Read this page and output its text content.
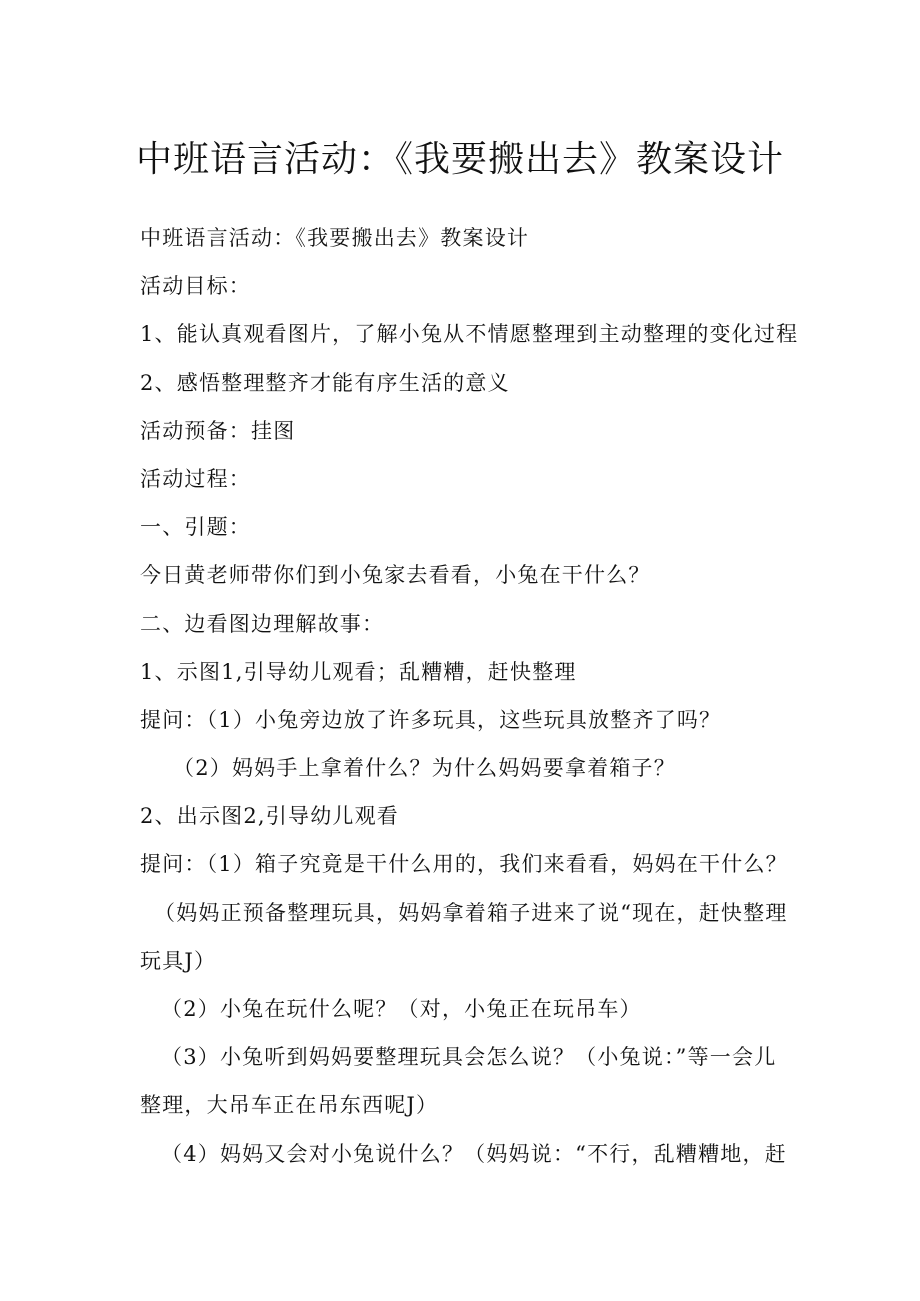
中班语言活动：《我要搬出去》教案设计
中班语言活动：《我要搬出去》教案设计
活动目标：
1、能认真观看图片，了解小兔从不情愿整理到主动整理的变化过程
2、感悟整理整齐才能有序生活的意义
活动预备：挂图
活动过程：
一、引题：
今日黄老师带你们到小兔家去看看，小兔在干什么？
二、边看图边理解故事：
1、示图1,引导幼儿观看；乱糟糟，赶快整理
提问：（1）小兔旁边放了许多玩具，这些玩具放整齐了吗？
（2）妈妈手上拿着什么？为什么妈妈要拿着箱子？
2、出示图2,引导幼儿观看
提问：（1）箱子究竟是干什么用的，我们来看看，妈妈在干什么？
（妈妈正预备整理玩具，妈妈拿着箱子进来了说“现在，赶快整理
玩具J）
（2）小兔在玩什么呢？（对，小兔正在玩吊车）
（3）小兔听到妈妈要整理玩具会怎么说？（小兔说：”等一会儿
整理，大吊车正在吊东西呢J）
（4）妈妈又会对小兔说什么？（妈妈说：“不行，乱糟糟地，赶
